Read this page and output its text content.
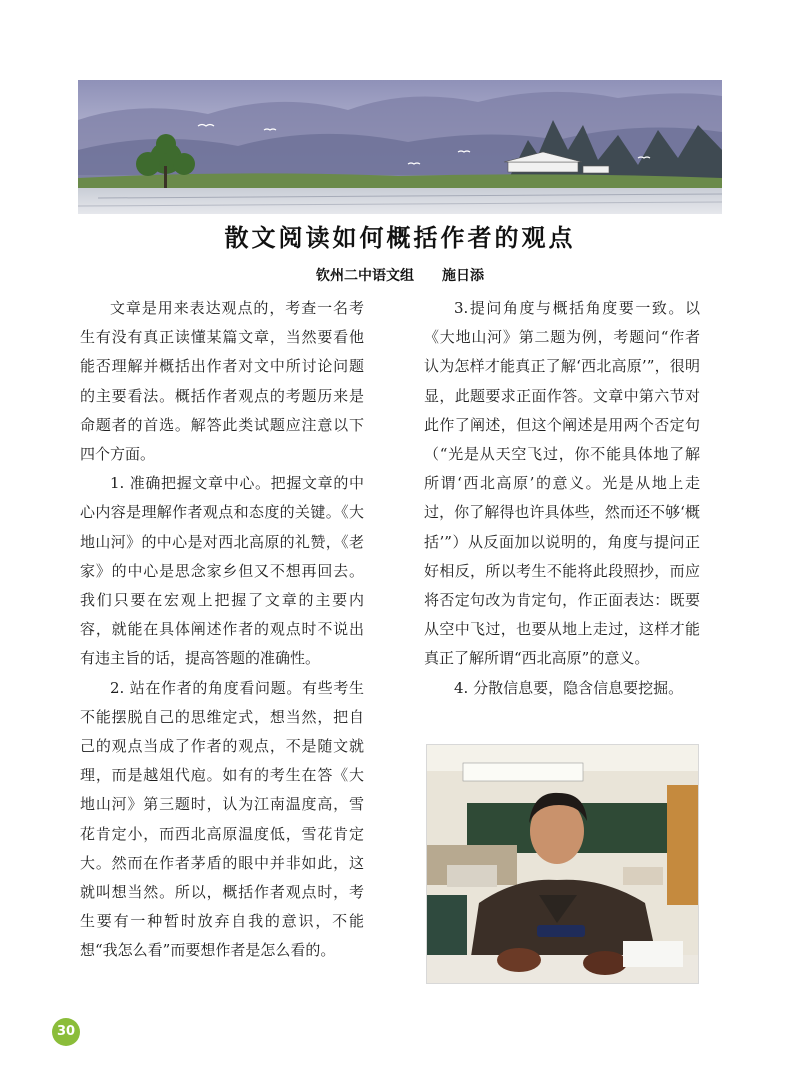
散文阅读如何概括作者的观点
钦州二中语文组 施日添

文章是用来表达观点的，考查一名考生有没有真正读懂某篇文章，当然要看他能否理解并概括出作者对文中所讨论问题的主要看法。概括作者观点的考题历来是命题者的首选。解答此类试题应注意以下四个方面。

1. 准确把握文章中心。把握文章的中心内容是理解作者观点和态度的关键。《大地山河》的中心是对西北高原的礼赞，《老家》的中心是思念家乡但又不想再回去。我们只要在宏观上把握了文章的主要内容，就能在具体阐述作者的观点时不说出有违主旨的话，提高答题的准确性。

2. 站在作者的角度看问题。有些考生不能摆脱自己的思维定式，想当然，把自己的观点当成了作者的观点，不是随文就理，而是越俎代庖。如有的考生在答《大地山河》第三题时，认为江南温度高，雪花肯定小，而西北高原温度低，雪花肯定大。然而在作者茅盾的眼中并非如此，这就叫想当然。所以，概括作者观点时，考生要有一种暂时放弃自我的意识，不能想“我怎么看”而要想作者是怎么看的。

3.提问角度与概括角度要一致。以《大地山河》第二题为例，考题问“作者认为怎样才能真正了解‘西北高原’”，很明显，此题要求正面作答。文章中第六节对此作了阐述，但这个阐述是用两个否定句（“光是从天空飞过，你不能具体地了解所谓‘西北高原’的意义。光是从地上走过，你了解得也许具体些，然而还不够‘概括’”）从反面加以说明的，角度与提问正好相反，所以考生不能将此段照抄，而应将否定句改为肯定句，作正面表达：既要从空中飞过，也要从地上走过，这样才能真正了解所谓“西北高原”的意义。

4. 分散信息要，隐含信息要挖掘。

30
